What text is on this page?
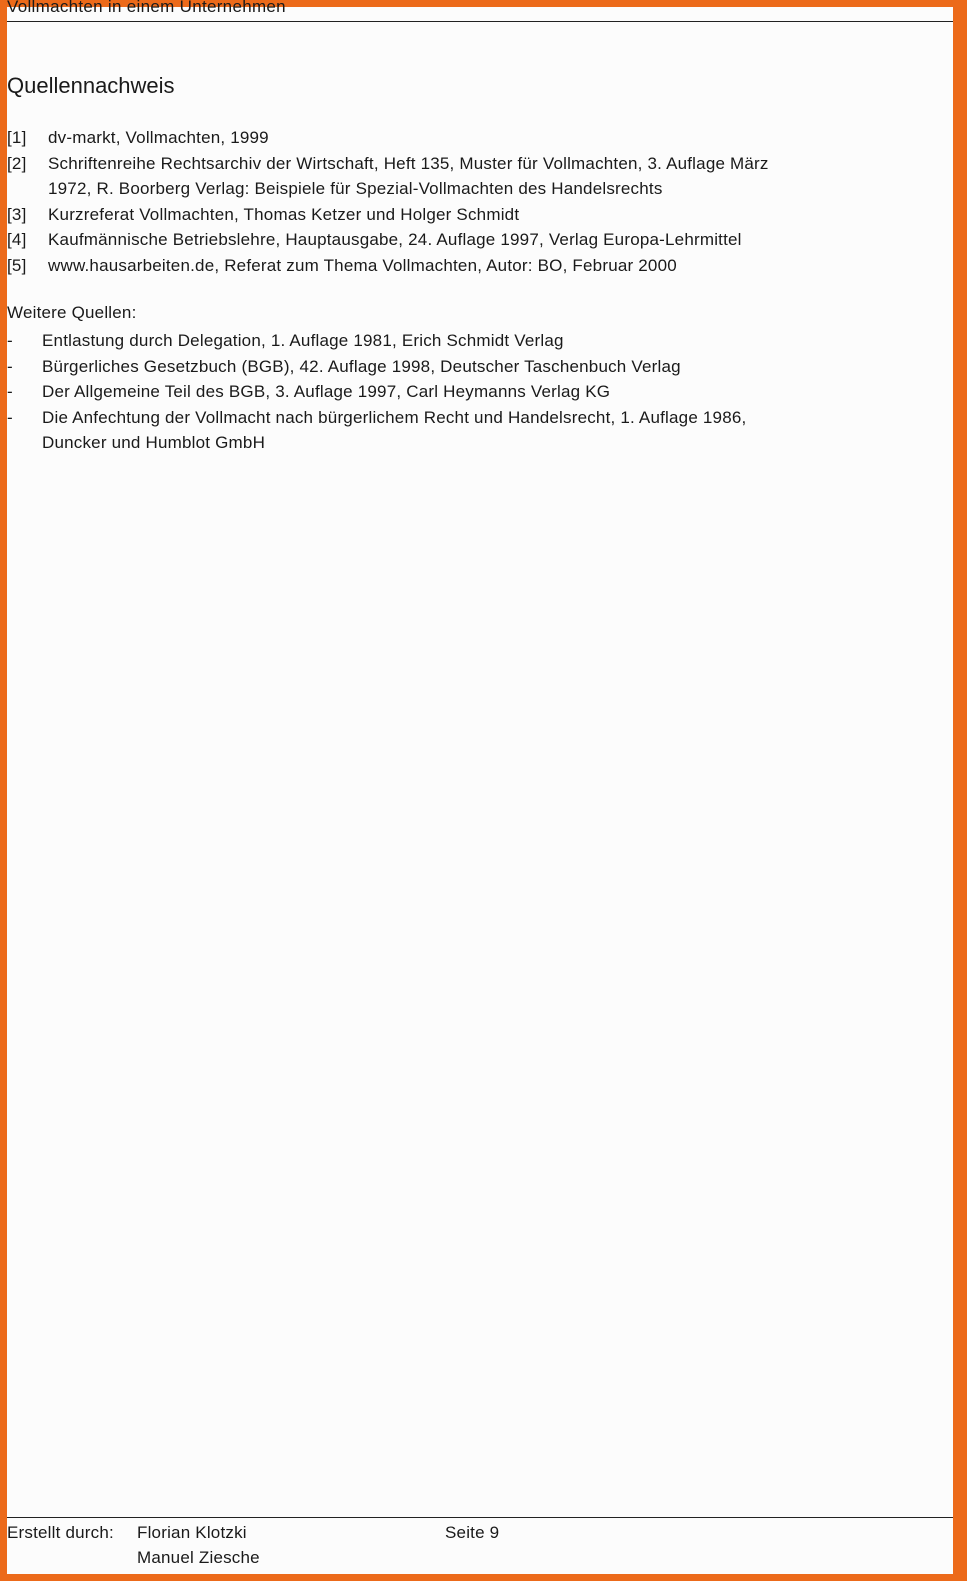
Vollmachten in einem Unternehmen
Quellennachweis
[1]	dv-markt, Vollmachten, 1999
[2]	Schriftenreihe Rechtsarchiv der Wirtschaft, Heft 135, Muster für Vollmachten, 3. Auflage März
1972, R. Boorberg Verlag: Beispiele für Spezial-Vollmachten des Handelsrechts
[3]	Kurzreferat Vollmachten, Thomas Ketzer und Holger Schmidt
[4]	Kaufmännische Betriebslehre, Hauptausgabe, 24. Auflage 1997, Verlag Europa-Lehrmittel
[5]	www.hausarbeiten.de, Referat zum Thema Vollmachten, Autor: BO, Februar 2000
Weitere Quellen:
-	Entlastung durch Delegation, 1. Auflage 1981, Erich Schmidt Verlag
-	Bürgerliches Gesetzbuch (BGB), 42. Auflage 1998, Deutscher Taschenbuch Verlag
-	Der Allgemeine Teil des BGB, 3. Auflage 1997, Carl Heymanns Verlag KG
-	Die Anfechtung der Vollmacht nach bürgerlichem Recht und Handelsrecht, 1. Auflage 1986,
Duncker und Humblot GmbH
Erstellt durch: Florian Klotzki
Manuel Ziesche
Seite 9
